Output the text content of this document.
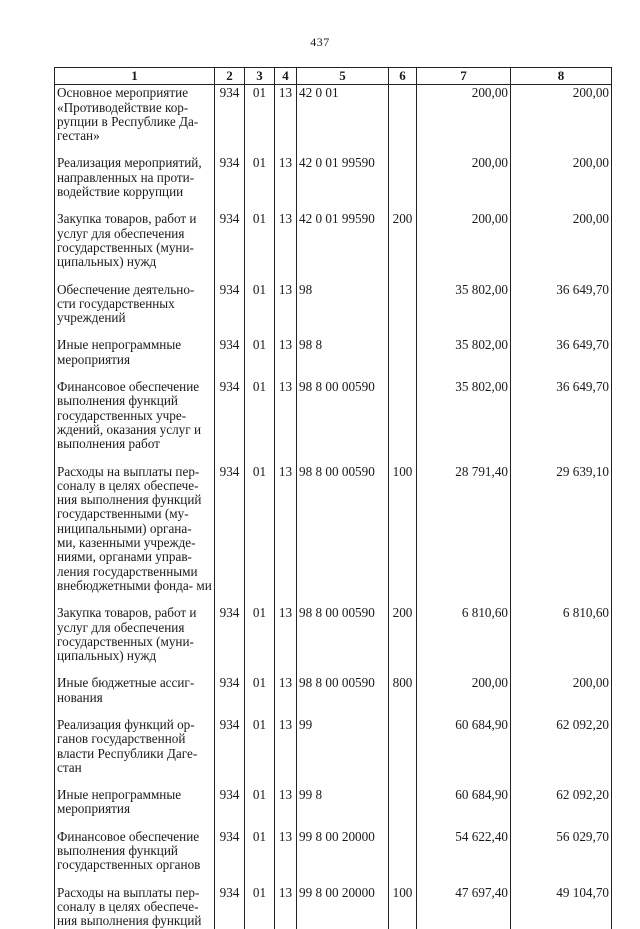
437
1	2	3	4	5	6	7	8
Основное мероприятие «Противодействие кор- рупции в Республике Да- гестан»	934	01	13	42 0 01		200,00	200,00
Реализация мероприятий, направленных на проти- водействие коррупции	934	01	13	42 0 01 99590		200,00	200,00
Закупка товаров, работ и услуг для обеспечения государственных (муни- ципальных) нужд	934	01	13	42 0 01 99590	200	200,00	200,00
Обеспечение деятельно- сти государственных учреждений	934	01	13	98		35 802,00	36 649,70
Иные непрограммные мероприятия	934	01	13	98 8		35 802,00	36 649,70
Финансовое обеспечение выполнения функций государственных учре- ждений, оказания услуг и выполнения работ	934	01	13	98 8 00 00590		35 802,00	36 649,70
Расходы на выплаты пер- соналу в целях обеспече- ния выполнения функций государственными (му- ниципальными) органа- ми, казенными учрежде- ниями, органами управ- ления государственными внебюджетными фонда- ми	934	01	13	98 8 00 00590	100	28 791,40	29 639,10
Закупка товаров, работ и услуг для обеспечения государственных (муни- ципальных) нужд	934	01	13	98 8 00 00590	200	6 810,60	6 810,60
Иные бюджетные ассиг- нования	934	01	13	98 8 00 00590	800	200,00	200,00
Реализация функций ор- ганов государственной власти Республики Даге- стан	934	01	13	99		60 684,90	62 092,20
Иные непрограммные мероприятия	934	01	13	99 8		60 684,90	62 092,20
Финансовое обеспечение выполнения функций государственных органов	934	01	13	99 8 00 20000		54 622,40	56 029,70
Расходы на выплаты пер- соналу в целях обеспече- ния выполнения функций	934	01	13	99 8 00 20000	100	47 697,40	49 104,70
